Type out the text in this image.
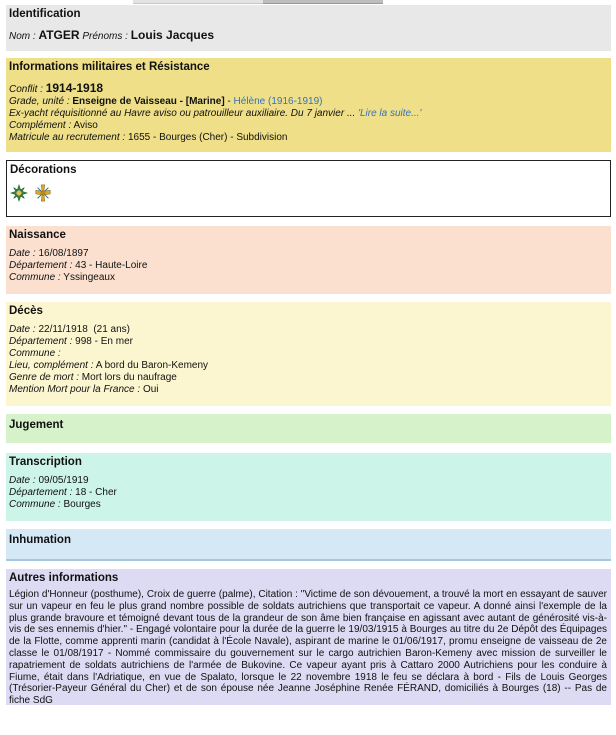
Identification
Nom : ATGER Prénoms : Louis Jacques
Informations militaires et Résistance
Conflit : 1914-1918
Grade, unité : Enseigne de Vaisseau - [Marine] - Hélène (1916-1919)
Ex-yacht réquisitionné au Havre aviso ou patrouilleur auxiliaire. Du 7 janvier ... 'Lire la suite...'
Complément : Aviso
Matricule au recrutement : 1655 - Bourges (Cher) - Subdivision
Décorations
Naissance
Date : 16/08/1897
Département : 43 - Haute-Loire
Commune : Yssingeaux
Décès
Date : 22/11/1918  (21 ans)
Département : 998 - En mer
Commune :
Lieu, complément : A bord du Baron-Kemeny
Genre de mort : Mort lors du naufrage
Mention Mort pour la France : Oui
Jugement
Transcription
Date : 09/05/1919
Département : 18 - Cher
Commune : Bourges
Inhumation
Autres informations

Légion d'Honneur (posthume), Croix de guerre (palme), Citation : "Victime de son dévouement, a trouvé la mort en essayant de sauver sur un vapeur en feu le plus grand nombre possible de soldats autrichiens que transportait ce vapeur. A donné ainsi l'exemple de la plus grande bravoure et témoigné devant tous de la grandeur de son âme bien française en agissant avec autant de générosité vis-à-vis de ses ennemis d'hier." - Engagé volontaire pour la durée de la guerre le 19/03/1915 à Bourges au titre du 2e Dépôt des Équipages de la Flotte, comme apprenti marin (candidat à l'École Navale), aspirant de marine le 01/06/1917, promu enseigne de vaisseau de 2e classe le 01/08/1917 - Nommé commissaire du gouvernement sur le cargo autrichien Baron-Kemeny avec mission de surveiller le rapatriement de soldats autrichiens de l'armée de Bukovine. Ce vapeur ayant pris à Cattaro 2000 Autrichiens pour les conduire à Fiume, était dans l'Adriatique, en vue de Spalato, lorsque le 22 novembre 1918 le feu se déclara à bord - Fils de Louis Georges (Trésorier-Payeur Général du Cher) et de son épouse née Jeanne Joséphine Renée FÉRAND, domiciliés à Bourges (18) -- Pas de fiche SdG
